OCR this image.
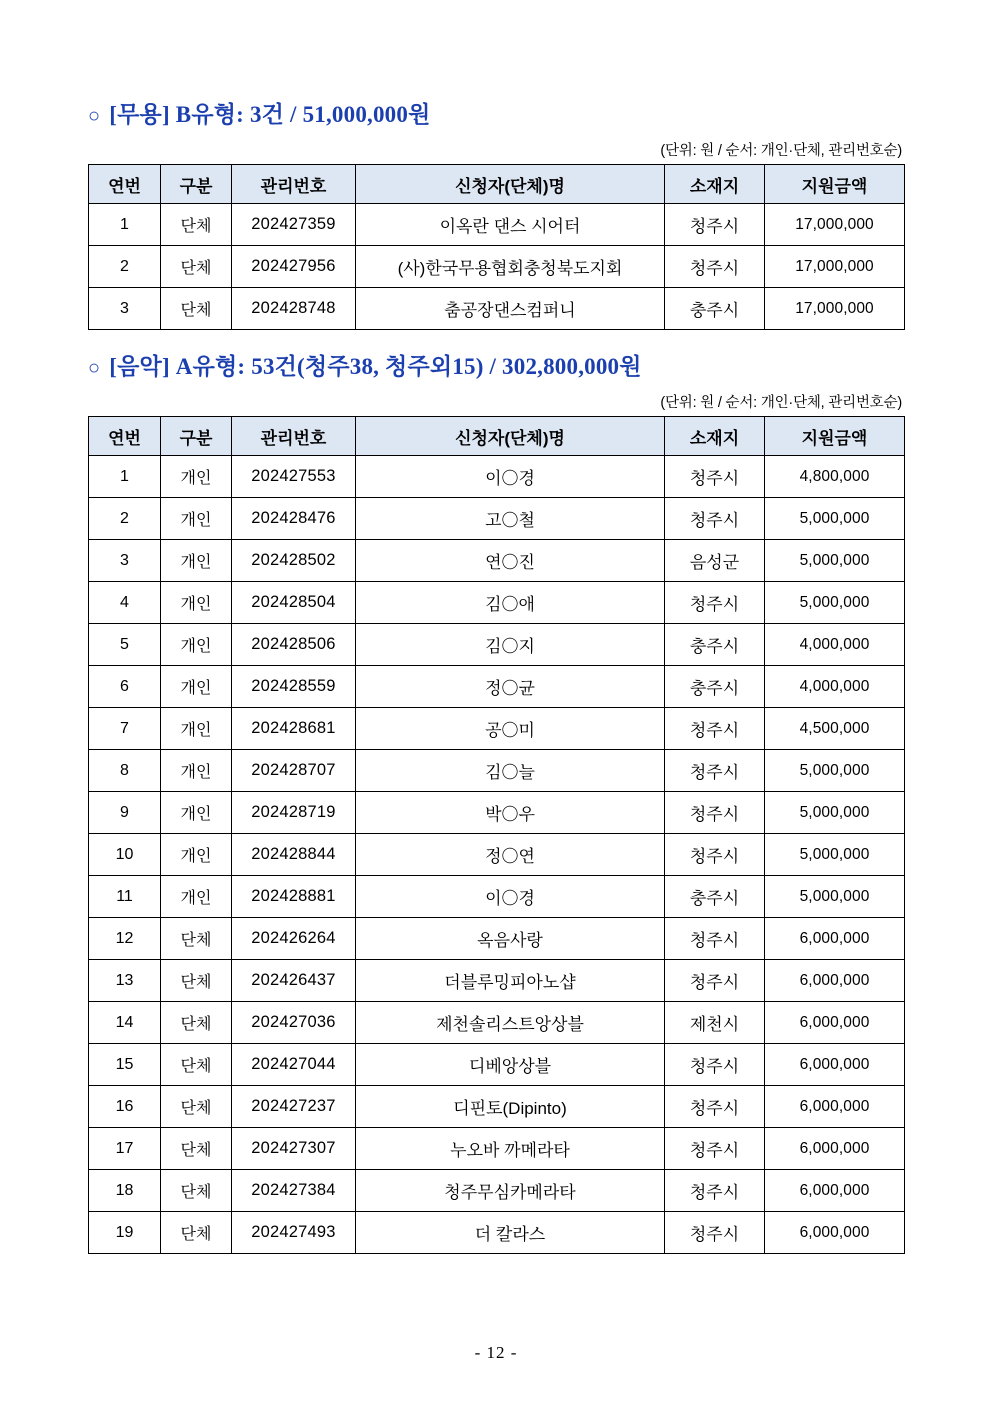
○ [무용] B유형: 3건 / 51,000,000원
(단위: 원 / 순서: 개인·단체, 관리번호순)
연번	구분	관리번호	신청자(단체)명	소재지	지원금액
1	단체	202427359	이옥란 댄스 시어터	청주시	17,000,000
2	단체	202427956	(사)한국무용협회충청북도지회	청주시	17,000,000
3	단체	202428748	춤공장댄스컴퍼니	충주시	17,000,000
○ [음악] A유형: 53건(청주38, 청주외15) / 302,800,000원
(단위: 원 / 순서: 개인·단체, 관리번호순)
연번	구분	관리번호	신청자(단체)명	소재지	지원금액
1	개인	202427553	이〇경	청주시	4,800,000
2	개인	202428476	고〇철	청주시	5,000,000
3	개인	202428502	연〇진	음성군	5,000,000
4	개인	202428504	김〇애	청주시	5,000,000
5	개인	202428506	김〇지	충주시	4,000,000
6	개인	202428559	정〇균	충주시	4,000,000
7	개인	202428681	공〇미	청주시	4,500,000
8	개인	202428707	김〇늘	청주시	5,000,000
9	개인	202428719	박〇우	청주시	5,000,000
10	개인	202428844	정〇연	청주시	5,000,000
11	개인	202428881	이〇경	충주시	5,000,000
12	단체	202426264	옥음사랑	청주시	6,000,000
13	단체	202426437	더블루밍피아노샵	청주시	6,000,000
14	단체	202427036	제천솔리스트앙상블	제천시	6,000,000
15	단체	202427044	디베앙상블	청주시	6,000,000
16	단체	202427237	디핀토(Dipinto)	청주시	6,000,000
17	단체	202427307	누오바 까메라타	청주시	6,000,000
18	단체	202427384	청주무심카메라타	청주시	6,000,000
19	단체	202427493	더 칼라스	청주시	6,000,000
- 12 -
